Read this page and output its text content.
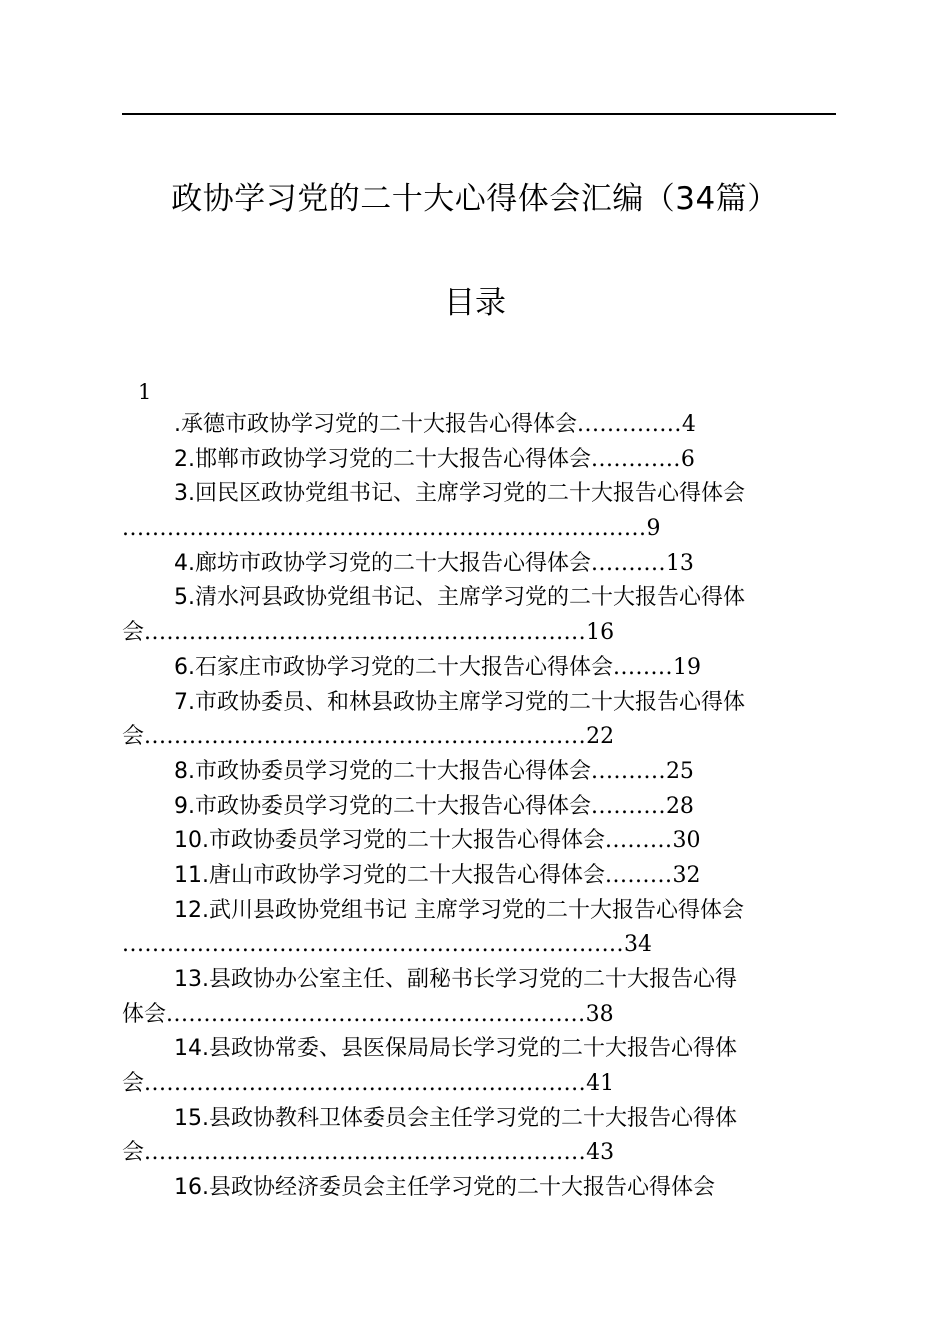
政协学习党的二十大心得体会汇编（34篇）
目录
1
.承德市政协学习党的二十大报告心得体会..............4
2.邯郸市政协学习党的二十大报告心得体会............6
3.回民区政协党组书记、主席学习党的二十大报告心得体会
......................................................................9
4.廊坊市政协学习党的二十大报告心得体会..........13
5.清水河县政协党组书记、主席学习党的二十大报告心得体
会...........................................................16
6.石家庄市政协学习党的二十大报告心得体会........19
7.市政协委员、和林县政协主席学习党的二十大报告心得体
会...........................................................22
8.市政协委员学习党的二十大报告心得体会..........25
9.市政协委员学习党的二十大报告心得体会..........28
10.市政协委员学习党的二十大报告心得体会.........30
11.唐山市政协学习党的二十大报告心得体会.........32
12.武川县政协党组书记 主席学习党的二十大报告心得体会
...................................................................34
13.县政协办公室主任、副秘书长学习党的二十大报告心得
体会........................................................38
14.县政协常委、县医保局局长学习党的二十大报告心得体
会...........................................................41
15.县政协教科卫体委员会主任学习党的二十大报告心得体
会...........................................................43
16.县政协经济委员会主任学习党的二十大报告心得体会
